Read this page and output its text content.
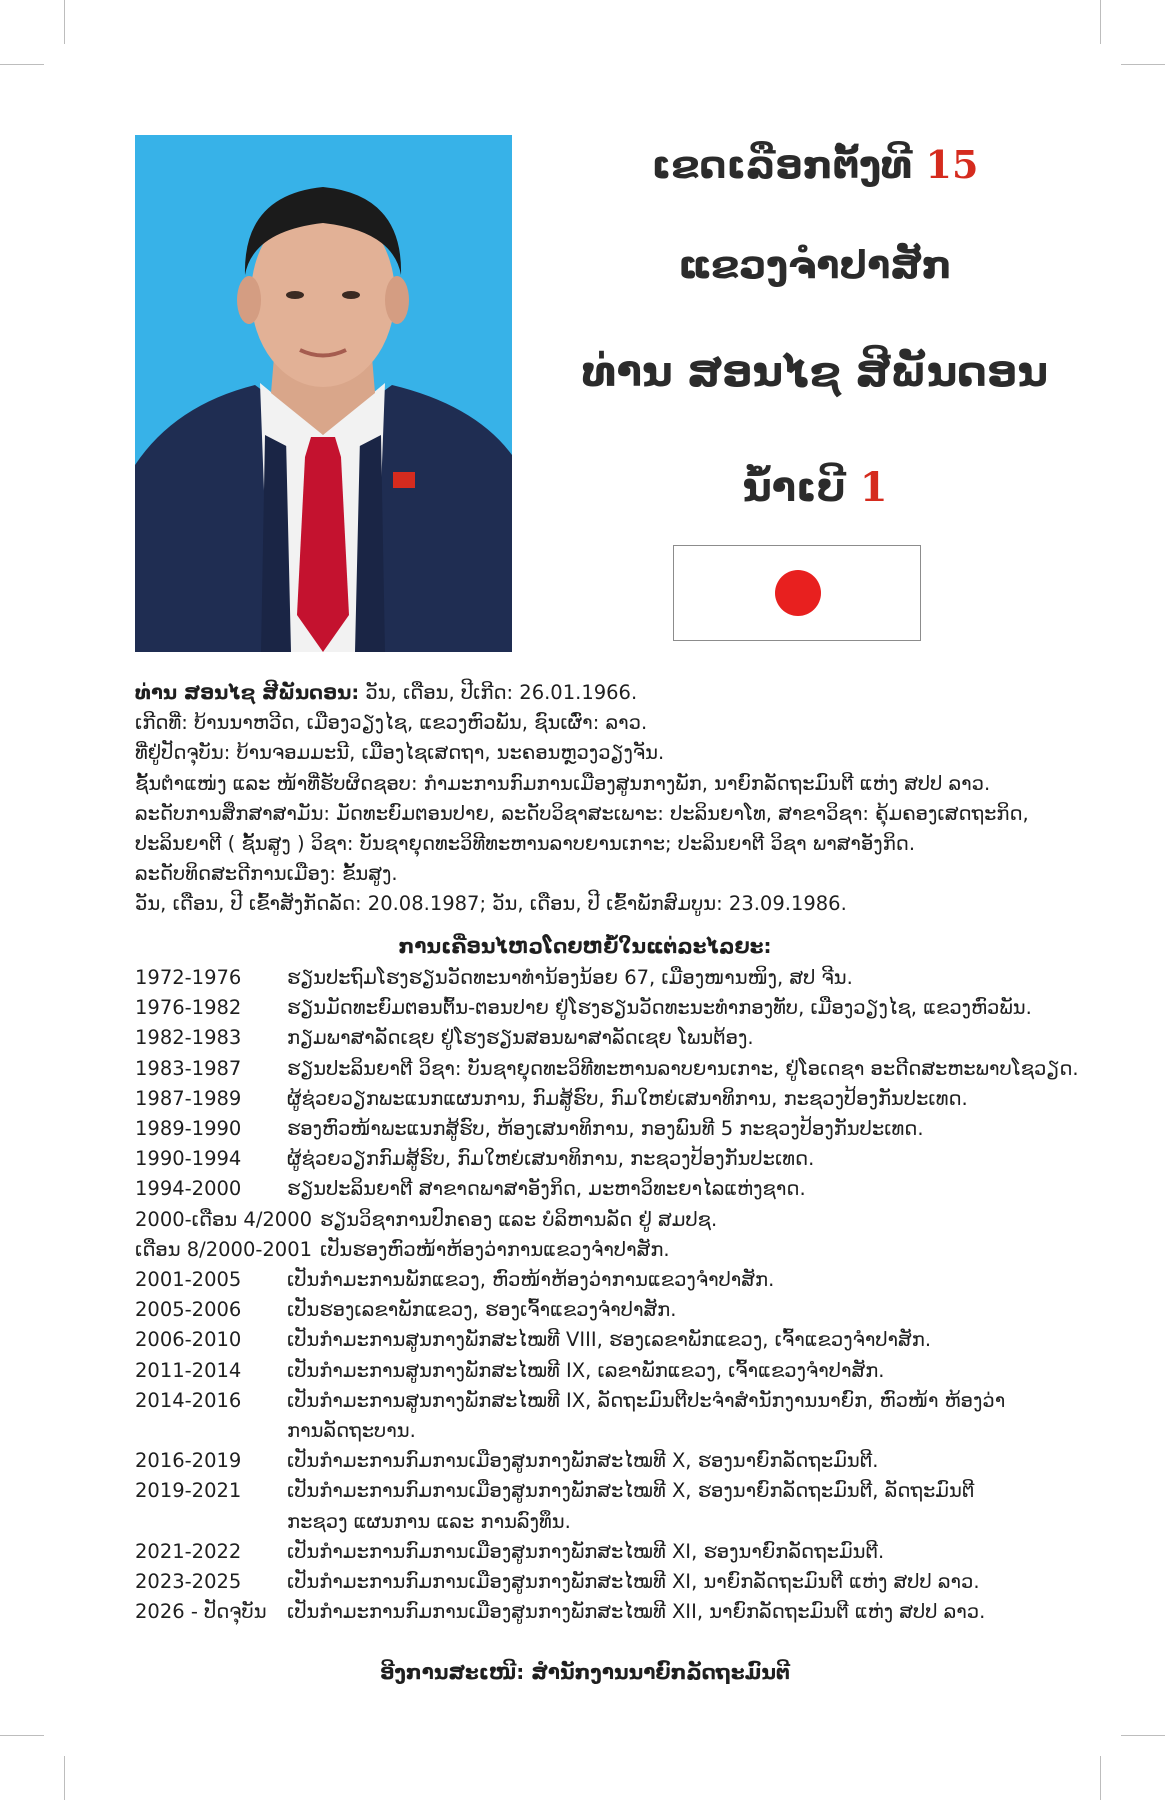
ເຂດເລືອກຕັ້ງທີ 15
ແຂວງຈຳປາສັກ
ທ່ານ ສອນໄຊ ສີພັນດອນ
ນ້ຳເບີ 1

ທ່ານ ສອນໄຊ ສີພັນດອນ: ວັນ, ເດືອນ, ປີເກີດ: 26.01.1966.

ເກີດທີ່: ບ້ານນາຫວີດ, ເມືອງວຽງໄຊ, ແຂວງຫົວພັນ, ຊົນເຜົ່າ: ລາວ.

ທີ່ຢູ່ປັດຈຸບັນ: ບ້ານຈອມມະນີ, ເມືອງໄຊເສດຖາ, ນະຄອນຫຼວງວຽງຈັນ.

ຊັ້ນຕຳແໜ່ງ ແລະ ໜ້າທີ່ຮັບຜິດຊອບ: ກຳມະການກົມການເມືອງສູນກາງພັກ, ນາຍົກລັດຖະມົນຕີ ແຫ່ງ ສປປ ລາວ.

ລະດັບການສຶກສາສາມັນ: ມັດທະຍົມຕອນປາຍ, ລະດັບວິຊາສະເພາະ: ປະລິນຍາໂທ, ສາຂາວິຊາ: ຄຸ້ມຄອງເສດຖະກິດ,

ປະລິນຍາຕີ ( ຊັ້ນສູງ ) ວິຊາ: ບັນຊາຍຸດທະວິທີທະຫານລາບຍານເກາະ; ປະລິນຍາຕີ ວິຊາ ພາສາອັງກິດ.

ລະດັບທິດສະດີການເມືອງ: ຂັ້ນສູງ.

ວັນ, ເດືອນ, ປີ ເຂົ້າສັງກັດລັດ: 20.08.1987; ວັນ, ເດືອນ, ປີ ເຂົ້າພັກສົມບູນ: 23.09.1986.

ການເຄື່ອນໄຫວໂດຍຫຍໍ້ໃນແຕ່ລະໄລຍະ:
1972-1976	ຮຽນປະຖົມໂຮງຮຽນວັດທະນາທຳນ້ອງນ້ອຍ 67, ເມືອງໜານໜິງ, ສປ ຈີນ.
1976-1982	ຮຽນມັດທະຍົມຕອນຕົ້ນ-ຕອນປາຍ ຢູ່ໂຮງຮຽນວັດທະນະທຳກອງທັບ, ເມືອງວຽງໄຊ, ແຂວງຫົວພັນ.
1982-1983	ກຽມພາສາລັດເຊຍ ຢູ່ໂຮງຮຽນສອນພາສາລັດເຊຍ ໂພນຕ້ອງ.
1983-1987	ຮຽນປະລິນຍາຕີ ວິຊາ: ບັນຊາຍຸດທະວິທີທະຫານລາບຍານເກາະ, ຢູ່ໂອເດຊາ ອະດີດສະຫະພາບໂຊວຽດ.
1987-1989	ຜູ້ຊ່ວຍວຽກພະແນກແຜນການ, ກົມສູ້ຮົບ, ກົມໃຫຍ່ເສນາທິການ, ກະຊວງປ້ອງກັນປະເທດ.
1989-1990	ຮອງຫົວໜ້າພະແນກສູ້ຮົບ, ຫ້ອງເສນາທິການ, ກອງພົນທີ 5 ກະຊວງປ້ອງກັນປະເທດ.
1990-1994	ຜູ້ຊ່ວຍວຽກກົມສູ້ຮົບ, ກົມໃຫຍ່ເສນາທິການ, ກະຊວງປ້ອງກັນປະເທດ.
1994-2000	ຮຽນປະລິນຍາຕີ ສາຂາດພາສາອັງກິດ, ມະຫາວິທະຍາໄລແຫ່ງຊາດ.
2000-ເດືອນ 4/2000 ຮຽນວິຊາການປົກຄອງ ແລະ ບໍລິຫານລັດ ຢູ່ ສມປຊ.
ເດືອນ 8/2000-2001 ເປັນຮອງຫົວໜ້າຫ້ອງວ່າການແຂວງຈຳປາສັກ.
2001-2005	ເປັນກຳມະການພັກແຂວງ, ຫົວໜ້າຫ້ອງວ່າການແຂວງຈຳປາສັກ.
2005-2006	ເປັນຮອງເລຂາພັກແຂວງ, ຮອງເຈົ້າແຂວງຈຳປາສັກ.
2006-2010	ເປັນກຳມະການສູນກາງພັກສະໄໝທີ VIII, ຮອງເລຂາພັກແຂວງ, ເຈົ້າແຂວງຈຳປາສັກ.
2011-2014	ເປັນກຳມະການສູນກາງພັກສະໄໝທີ IX, ເລຂາພັກແຂວງ, ເຈົ້າແຂວງຈຳປາສັກ.
2014-2016	ເປັນກຳມະການສູນກາງພັກສະໄໝທີ IX, ລັດຖະມົນຕີປະຈຳສຳນັກງານນາຍົກ, ຫົວໜ້າ ຫ້ອງວ່າການລັດຖະບານ.
2016-2019	ເປັນກຳມະການກົມການເມືອງສູນກາງພັກສະໄໝທີ X, ຮອງນາຍົກລັດຖະມົນຕີ.
2019-2021	ເປັນກຳມະການກົມການເມືອງສູນກາງພັກສະໄໝທີ X, ຮອງນາຍົກລັດຖະມົນຕີ, ລັດຖະມົນຕີ ກະຊວງ ແຜນການ ແລະ ການລົງທຶນ.
2021-2022	ເປັນກຳມະການກົມການເມືອງສູນກາງພັກສະໄໝທີ XI, ຮອງນາຍົກລັດຖະມົນຕີ.
2023-2025	ເປັນກຳມະການກົມການເມືອງສູນກາງພັກສະໄໝທີ XI, ນາຍົກລັດຖະມົນຕີ ແຫ່ງ ສປປ ລາວ.
2026 - ປັດຈຸບັນ	ເປັນກຳມະການກົມການເມືອງສູນກາງພັກສະໄໝທີ XII, ນາຍົກລັດຖະມົນຕີ ແຫ່ງ ສປປ ລາວ.
ອີງການສະເໜີ: ສຳນັກງານນາຍົກລັດຖະມົນຕີ
